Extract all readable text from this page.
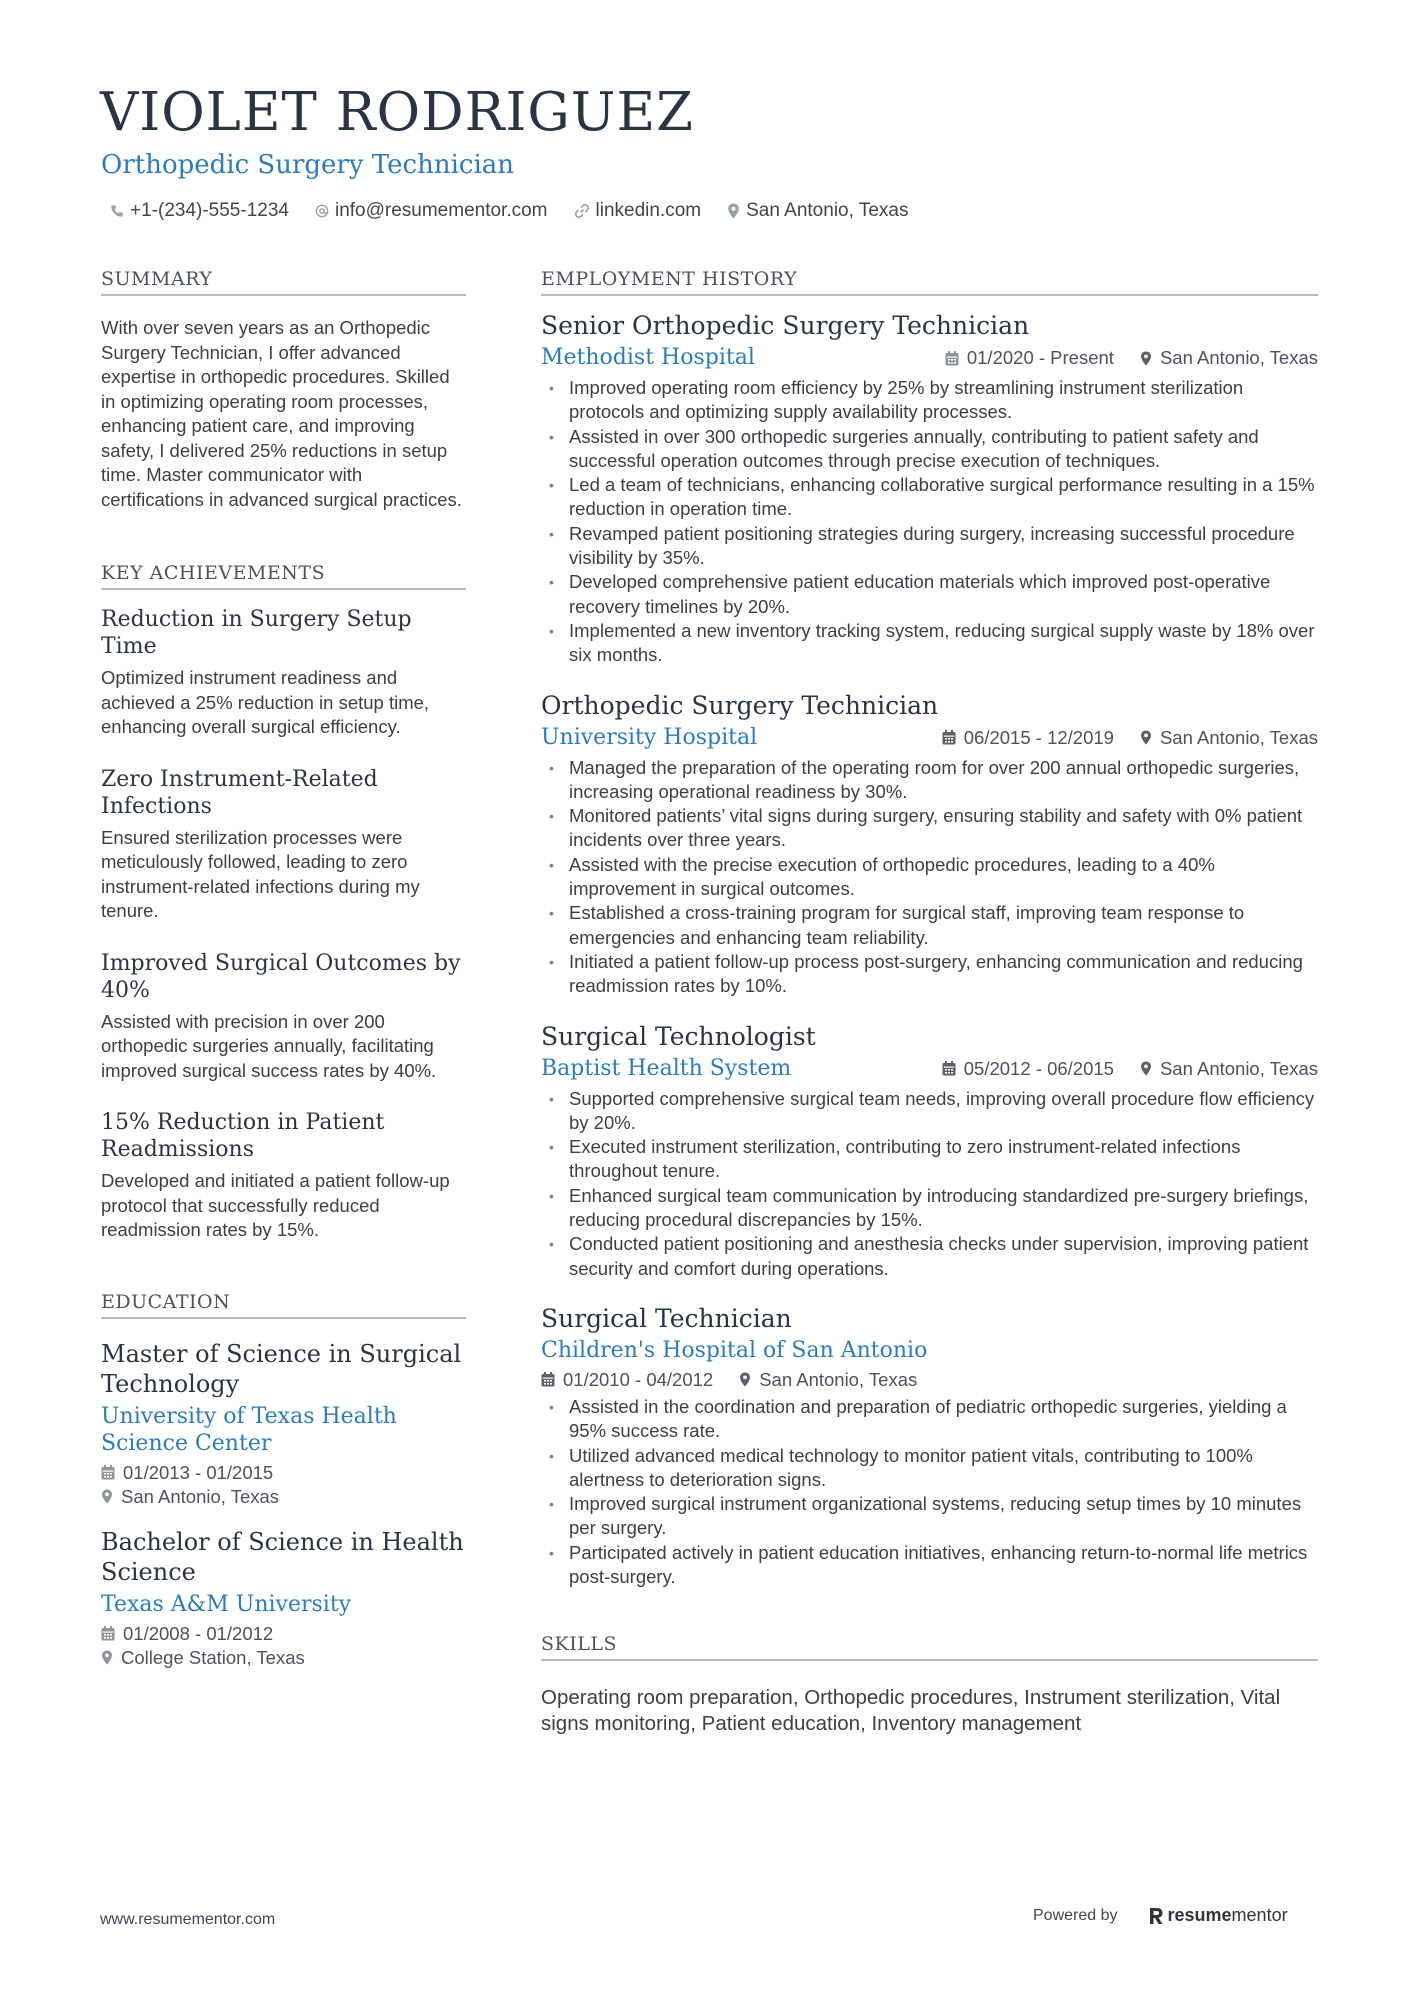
VIOLET RODRIGUEZ
Orthopedic Surgery Technician
+1-(234)-555-1234 info@resumementor.com	linkedin.com San Antonio, Texas
SUMMARY

With over seven years as an Orthopedic Surgery Technician, I offer advanced expertise in orthopedic procedures. Skilled in optimizing operating room processes, enhancing patient care, and improving safety, I delivered 25% reductions in setup time. Master communicator with certifications in advanced surgical practices.

KEY ACHIEVEMENTS
Reduction in Surgery Setup Time
Optimized instrument readiness and achieved a 25% reduction in setup time, enhancing overall surgical efficiency.
Zero Instrument-Related Infections
Ensured sterilization processes were meticulously followed, leading to zero instrument-related infections during my tenure.
Improved Surgical Outcomes by 40%
Assisted with precision in over 200 orthopedic surgeries annually, facilitating improved surgical success rates by 40%.
15% Reduction in Patient Readmissions
Developed and initiated a patient follow-up protocol that successfully reduced readmission rates by 15%.
EDUCATION
Master of Science in Surgical Technology
University of Texas Health Science Center
01/2013 - 01/2015
San Antonio, Texas
Bachelor of Science in Health Science
Texas A&M University
01/2008 - 01/2012
College Station, Texas
EMPLOYMENT HISTORY
Senior Orthopedic Surgery Technician
Methodist Hospital	01/2020 - Present San Antonio, Texas
• Improved operating room efficiency by 25% by streamlining instrument sterilization protocols and optimizing supply availability processes.
• Assisted in over 300 orthopedic surgeries annually, contributing to patient safety and successful operation outcomes through precise execution of techniques.
• Led a team of technicians, enhancing collaborative surgical performance resulting in a 15% reduction in operation time.
• Revamped patient positioning strategies during surgery, increasing successful procedure visibility by 35%.
• Developed comprehensive patient education materials which improved post-operative recovery timelines by 20%.
• Implemented a new inventory tracking system, reducing surgical supply waste by 18% over six months.
Orthopedic Surgery Technician
University Hospital	06/2015 - 12/2019 San Antonio, Texas
• Managed the preparation of the operating room for over 200 annual orthopedic surgeries, increasing operational readiness by 30%.
• Monitored patients’ vital signs during surgery, ensuring stability and safety with 0% patient incidents over three years.
• Assisted with the precise execution of orthopedic procedures, leading to a 40% improvement in surgical outcomes.
• Established a cross-training program for surgical staff, improving team response to emergencies and enhancing team reliability.
• Initiated a patient follow-up process post-surgery, enhancing communication and reducing readmission rates by 10%.
Surgical Technologist
Baptist Health System	05/2012 - 06/2015 San Antonio, Texas
• Supported comprehensive surgical team needs, improving overall procedure flow efficiency by 20%.
• Executed instrument sterilization, contributing to zero instrument-related infections throughout tenure.
• Enhanced surgical team communication by introducing standardized pre-surgery briefings, reducing procedural discrepancies by 15%.
• Conducted patient positioning and anesthesia checks under supervision, improving patient security and comfort during operations.
Surgical Technician
Children's Hospital of San Antonio
01/2010 - 04/2012 San Antonio, Texas
• Assisted in the coordination and preparation of pediatric orthopedic surgeries, yielding a 95% success rate.
• Utilized advanced medical technology to monitor patient vitals, contributing to 100% alertness to deterioration signs.
• Improved surgical instrument organizational systems, reducing setup times by 10 minutes per surgery.
• Participated actively in patient education initiatives, enhancing return-to-normal life metrics post-surgery.
SKILLS

Operating room preparation, Orthopedic procedures, Instrument sterilization, Vital signs monitoring, Patient education, Inventory management

www.resumementor.com	Powered by	resume mentor
